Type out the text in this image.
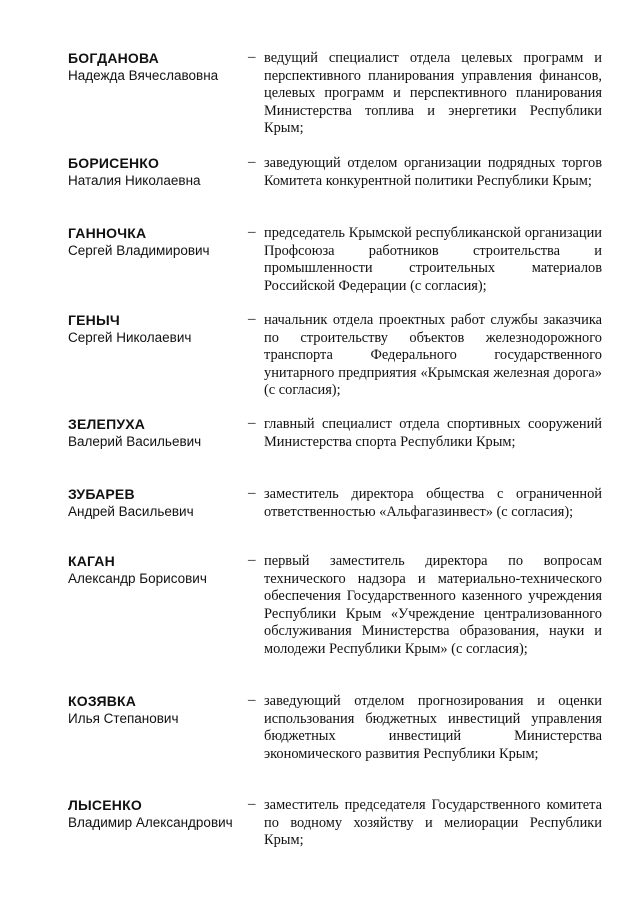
БОГДАНОВА
Надежда Вячеславовна
– ведущий специалист отдела целевых программ и перспективного планирования управления финансов, целевых программ и перспективного планирования Министерства топлива и энергетики Республики Крым;
БОРИСЕНКО
Наталия Николаевна
– заведующий отделом организации подрядных торгов Комитета конкурентной политики Республики Крым;
ГАННОЧКА
Сергей Владимирович
– председатель Крымской республиканской организации Профсоюза работников строительства и промышленности строительных материалов Российской Федерации (с согласия);
ГЕНЫЧ
Сергей Николаевич
– начальник отдела проектных работ службы заказчика по строительству объектов железнодорожного транспорта Федерального государственного унитарного предприятия «Крымская железная дорога» (с согласия);
ЗЕЛЕПУХА
Валерий Васильевич
– главный специалист отдела спортивных сооружений Министерства спорта Республики Крым;
ЗУБАРЕВ
Андрей Васильевич
– заместитель директора общества с ограниченной ответственностью «Альфагазинвест» (с согласия);
КАГАН
Александр Борисович
– первый заместитель директора по вопросам технического надзора и материально-технического обеспечения Государственного казенного учреждения Республики Крым «Учреждение централизованного обслуживания Министерства образования, науки и молодежи Республики Крым» (с согласия);
КОЗЯВКА
Илья Степанович
– заведующий отделом прогнозирования и оценки использования бюджетных инвестиций управления бюджетных инвестиций Министерства экономического развития Республики Крым;
ЛЫСЕНКО
Владимир Александрович
– заместитель председателя Государственного комитета по водному хозяйству и мелиорации Республики Крым;
